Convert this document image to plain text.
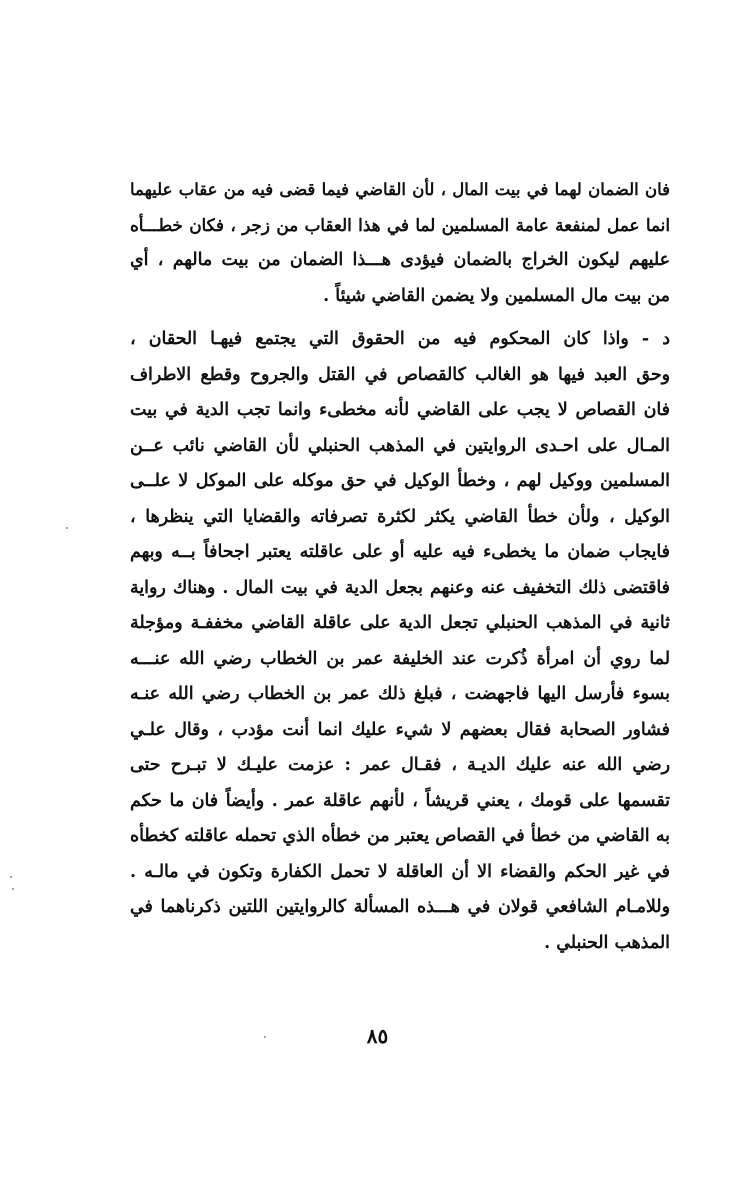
فان الضمان لهما في بيت المال ، لأن القاضي فيما قضى فيه من عقاب عليهما
انما عمل لمنفعة عامة المسلمين لما في هذا العقاب من زجر ، فكان خطـــأه
عليهم ليكون الخراج بالضمان فيؤدى هـــذا الضمان من بيت مالهم ، أي
من بيت مال المسلمين ولا يضمن القاضي شيئاً .
د - واذا كان المحكوم فيه من الحقوق التي يجتمع فيهـا الحقان ،
وحق العبد فيها هو الغالب كالقصاص في القتل والجروح وقطع الاطراف
فان القصاص لا يجب على القاضي لأنه مخطىء وانما تجب الدية في بيت
المـال على احـدى الروايتين في المذهب الحنبلي لأن القاضي نائب عــن
المسلمين ووكيل لهم ، وخطأ الوكيل في حق موكله على الموكل لا علــى
الوكيل ، ولأن خطأ القاضي يكثر لكثرة تصرفاته والقضايا التي ينظرها ،
فايجاب ضمان ما يخطىء فيه عليه أو على عاقلته يعتبر اجحافاً بــه وبهم
فاقتضى ذلك التخفيف عنه وعنهم بجعل الدية في بيت المال . وهناك رواية
ثانية في المذهب الحنبلي تجعل الدية على عاقلة القاضي مخففـة ومؤجلة
لما روي أن امرأة ذُكرت عند الخليفة عمر بن الخطاب رضي الله عنـــه
بسوء فأرسل اليها فاجهضت ، فبلغ ذلك عمر بن الخطاب رضي الله عنـه
فشاور الصحابة فقال بعضهم لا شيء عليك انما أنت مؤدب ، وقال علـي
رضي الله عنه عليك الديـة ، فقـال عمر : عزمت عليـك لا تبـرح حتى
تقسمها على قومك ، يعني قريشاً ، لأنهم عاقلة عمر . وأيضاً فان ما حكم
به القاضي من خطأ في القصاص يعتبر من خطأه الذي تحمله عاقلته كخطأه
في غير الحكم والقضاء الا أن العاقلة لا تحمل الكفارة وتكون في مالـه .
وللامـام الشافعي قولان في هـــذه المسألة كالروايتين اللتين ذكرناهما في
المذهب الحنبلي .
٨٥
